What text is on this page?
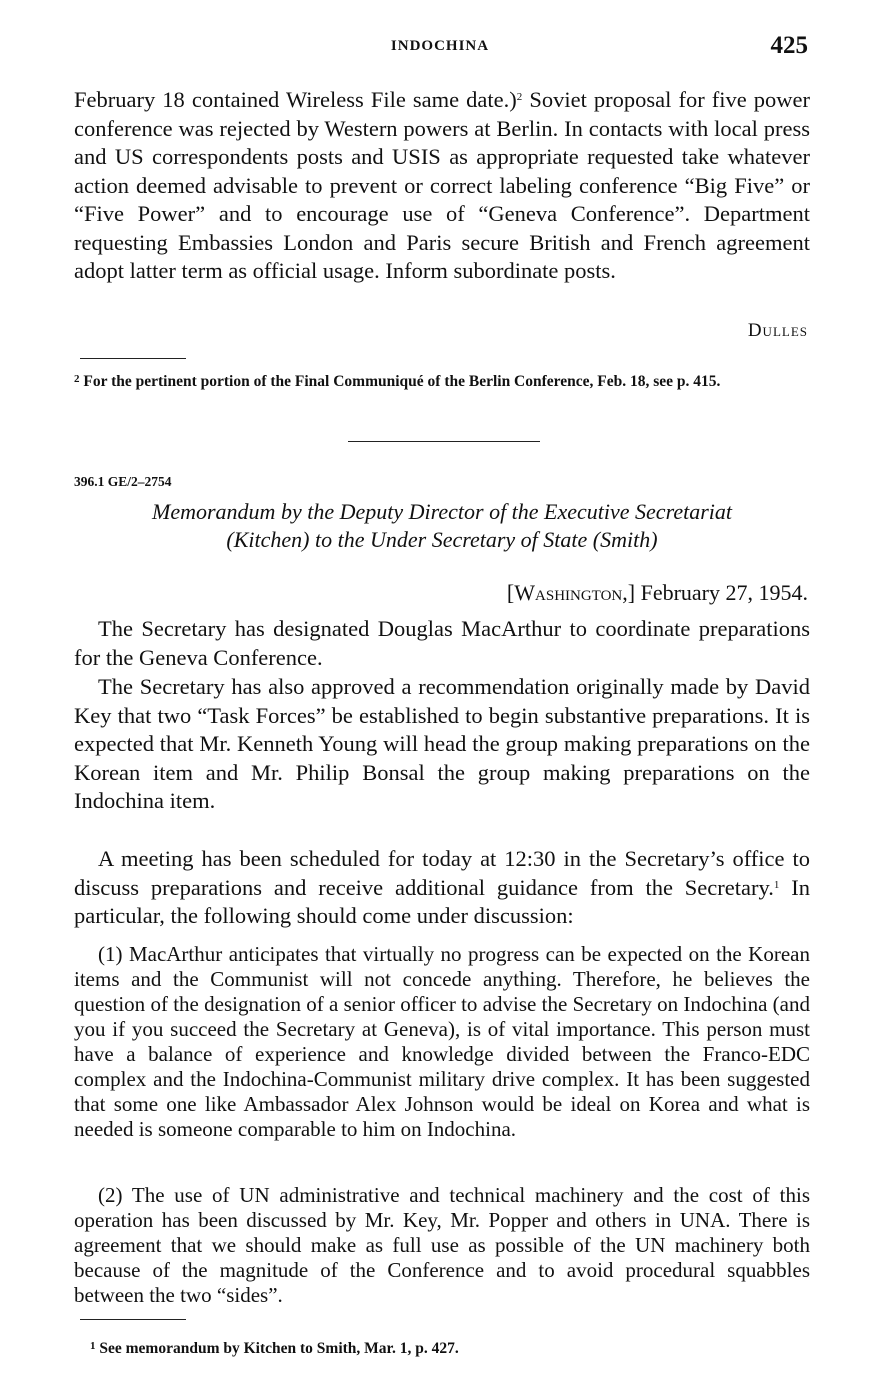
INDOCHINA	425
February 18 contained Wireless File same date.)$^2$ Soviet proposal for five power conference was rejected by Western powers at Berlin. In contacts with local press and US correspondents posts and USIS as appropriate requested take whatever action deemed advisable to prevent or correct labeling conference “Big Five” or “Five Power” and to encourage use of “Geneva Conference”. Department requesting Embassies London and Paris secure British and French agreement adopt latter term as official usage. Inform subordinate posts.
Dulles
$^2$ For the pertinent portion of the Final Communiqué of the Berlin Conference, Feb. 18, see p. 415.
396.1 GE/2–2754
Memorandum by the Deputy Director of the Executive Secretariat
(Kitchen) to the Under Secretary of State (Smith)
[Washington,] February 27, 1954.
The Secretary has designated Douglas MacArthur to coordinate preparations for the Geneva Conference.
The Secretary has also approved a recommendation originally made by David Key that two “Task Forces” be established to begin substantive preparations. It is expected that Mr. Kenneth Young will head the group making preparations on the Korean item and Mr. Philip Bonsal the group making preparations on the Indochina item.
A meeting has been scheduled for today at 12:30 in the Secretary’s office to discuss preparations and receive additional guidance from the Secretary.$^1$ In particular, the following should come under discussion:
(1) MacArthur anticipates that virtually no progress can be expected on the Korean items and the Communist will not concede anything. Therefore, he believes the question of the designation of a senior officer to advise the Secretary on Indochina (and you if you succeed the Secretary at Geneva), is of vital importance. This person must have a balance of experience and knowledge divided between the Franco-EDC complex and the Indochina-Communist military drive complex. It has been suggested that some one like Ambassador Alex Johnson would be ideal on Korea and what is needed is someone comparable to him on Indochina.
(2) The use of UN administrative and technical machinery and the cost of this operation has been discussed by Mr. Key, Mr. Popper and others in UNA. There is agreement that we should make as full use as possible of the UN machinery both because of the magnitude of the Conference and to avoid procedural squabbles between the two “sides”.
$^1$ See memorandum by Kitchen to Smith, Mar. 1, p. 427.
